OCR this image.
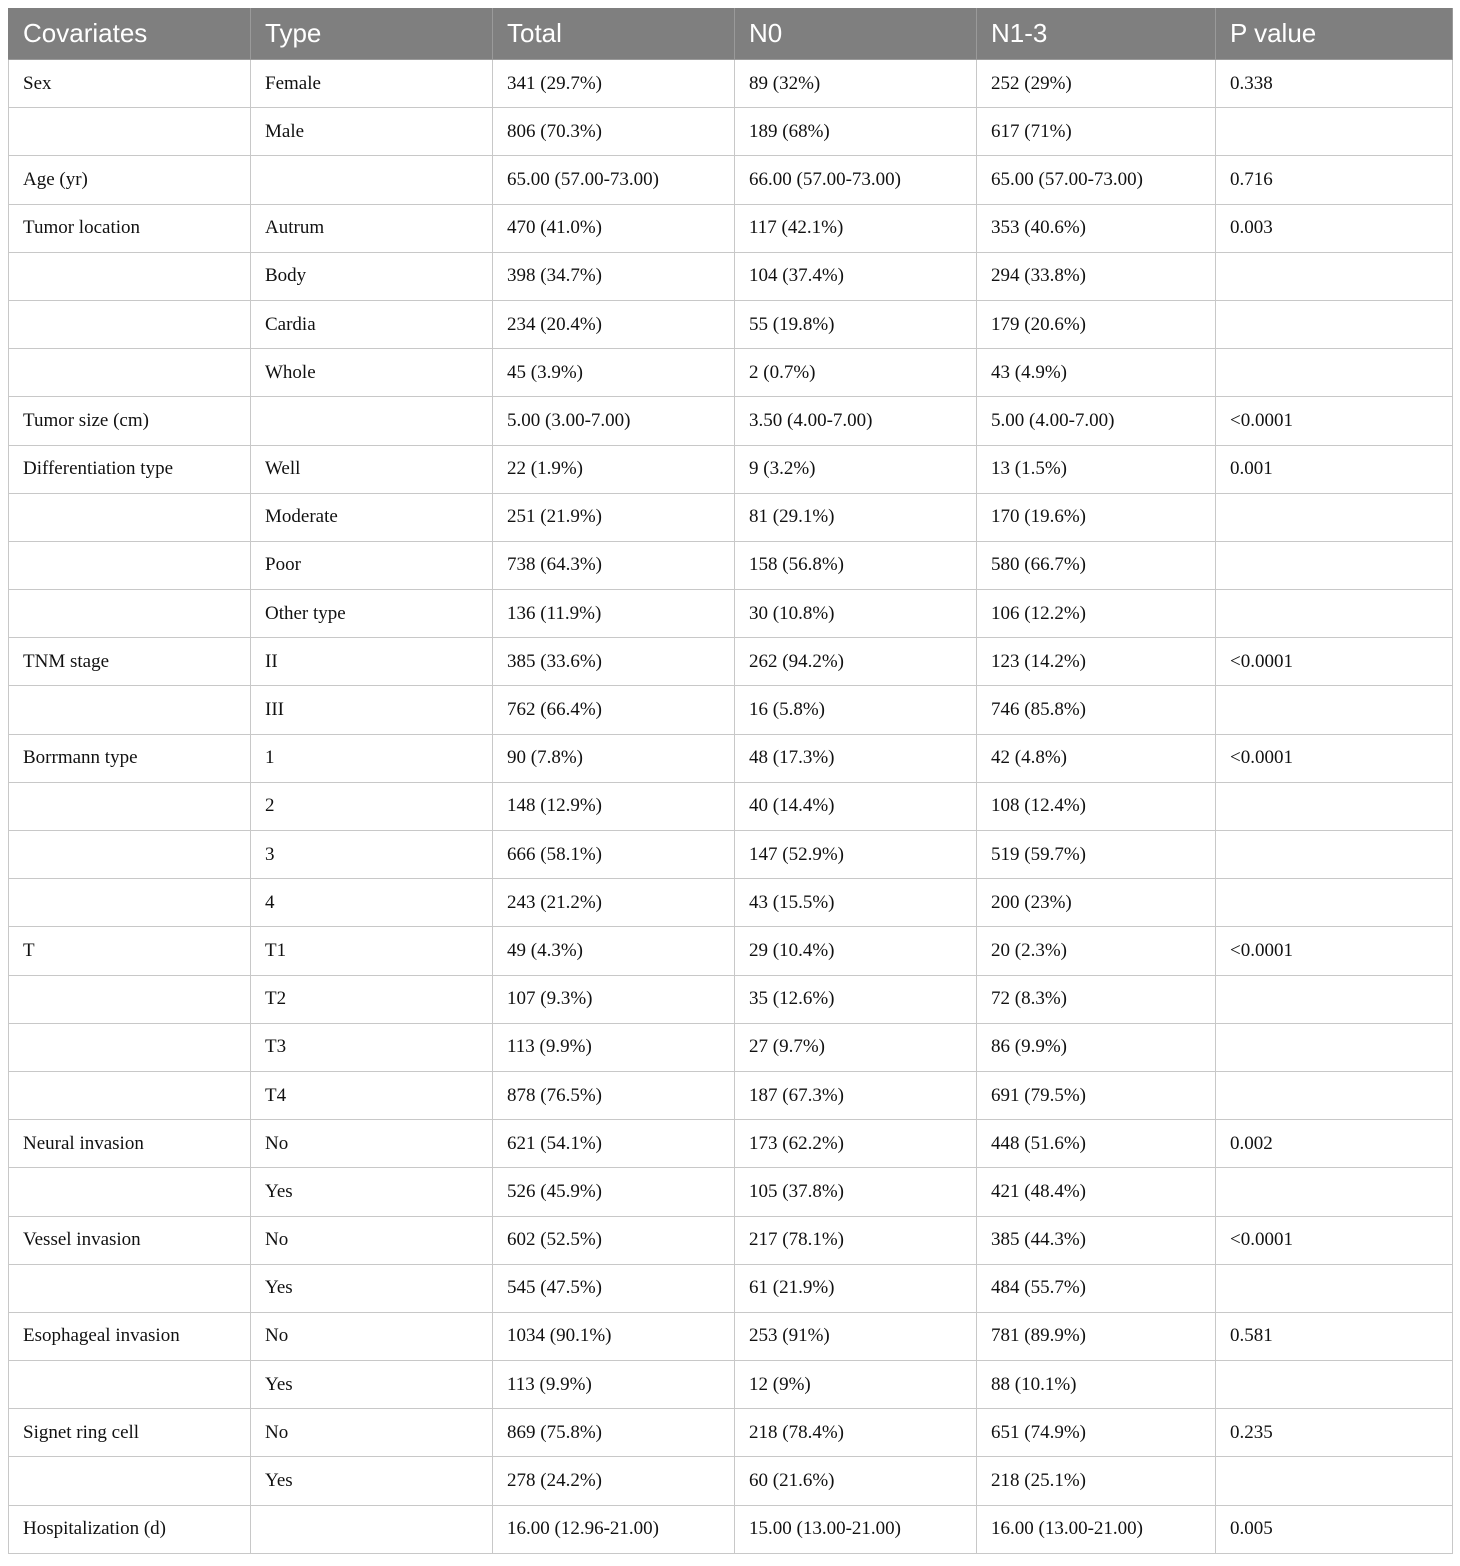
Covariates	Type	Total	N0	N1-3	P value
Sex	Female	341 (29.7%)	89 (32%)	252 (29%)	0.338
	Male	806 (70.3%)	189 (68%)	617 (71%)	
Age (yr)		65.00 (57.00-73.00)	66.00 (57.00-73.00)	65.00 (57.00-73.00)	0.716
Tumor location	Autrum	470 (41.0%)	117 (42.1%)	353 (40.6%)	0.003
	Body	398 (34.7%)	104 (37.4%)	294 (33.8%)	
	Cardia	234 (20.4%)	55 (19.8%)	179 (20.6%)	
	Whole	45 (3.9%)	2 (0.7%)	43 (4.9%)	
Tumor size (cm)		5.00 (3.00-7.00)	3.50 (4.00-7.00)	5.00 (4.00-7.00)	<0.0001
Differentiation type	Well	22 (1.9%)	9 (3.2%)	13 (1.5%)	0.001
	Moderate	251 (21.9%)	81 (29.1%)	170 (19.6%)	
	Poor	738 (64.3%)	158 (56.8%)	580 (66.7%)	
	Other type	136 (11.9%)	30 (10.8%)	106 (12.2%)	
TNM stage	II	385 (33.6%)	262 (94.2%)	123 (14.2%)	<0.0001
	III	762 (66.4%)	16 (5.8%)	746 (85.8%)	
Borrmann type	1	90 (7.8%)	48 (17.3%)	42 (4.8%)	<0.0001
	2	148 (12.9%)	40 (14.4%)	108 (12.4%)	
	3	666 (58.1%)	147 (52.9%)	519 (59.7%)	
	4	243 (21.2%)	43 (15.5%)	200 (23%)	
T	T1	49 (4.3%)	29 (10.4%)	20 (2.3%)	<0.0001
	T2	107 (9.3%)	35 (12.6%)	72 (8.3%)	
	T3	113 (9.9%)	27 (9.7%)	86 (9.9%)	
	T4	878 (76.5%)	187 (67.3%)	691 (79.5%)	
Neural invasion	No	621 (54.1%)	173 (62.2%)	448 (51.6%)	0.002
	Yes	526 (45.9%)	105 (37.8%)	421 (48.4%)	
Vessel invasion	No	602 (52.5%)	217 (78.1%)	385 (44.3%)	<0.0001
	Yes	545 (47.5%)	61 (21.9%)	484 (55.7%)	
Esophageal invasion	No	1034 (90.1%)	253 (91%)	781 (89.9%)	0.581
	Yes	113 (9.9%)	12 (9%)	88 (10.1%)	
Signet ring cell	No	869 (75.8%)	218 (78.4%)	651 (74.9%)	0.235
	Yes	278 (24.2%)	60 (21.6%)	218 (25.1%)	
Hospitalization (d)		16.00 (12.96-21.00)	15.00 (13.00-21.00)	16.00 (13.00-21.00)	0.005
